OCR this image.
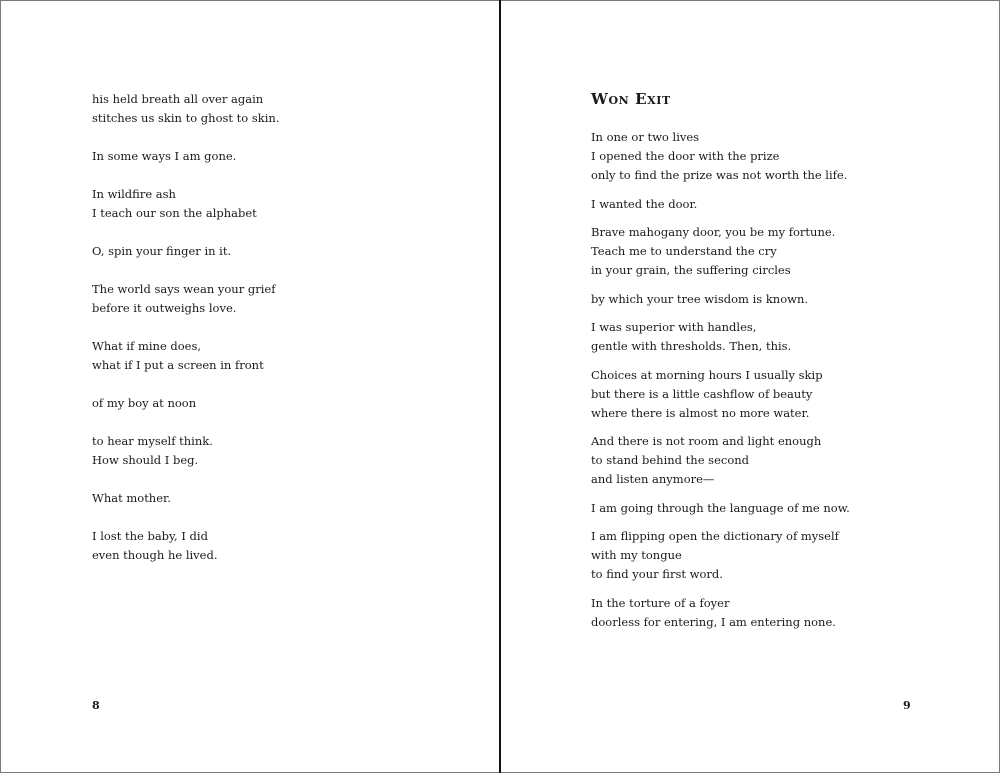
his held breath all over again
stitches us skin to ghost to skin.

In some ways I am gone.

In wildfire ash
I teach our son the alphabet

O, spin your finger in it.

The world says wean your grief
before it outweighs love.

What if mine does,
what if I put a screen in front

of my boy at noon

to hear myself think.
How should I beg.

What mother.

I lost the baby, I did
even though he lived.

8
Won Exit

In one or two lives
I opened the door with the prize
only to find the prize was not worth the life.

I wanted the door.

Brave mahogany door, you be my fortune.
Teach me to understand the cry
in your grain, the suffering circles

by which your tree wisdom is known.

I was superior with handles,
gentle with thresholds. Then, this.

Choices at morning hours I usually skip
but there is a little cashflow of beauty
where there is almost no more water.

And there is not room and light enough
to stand behind the second
and listen anymore—

I am going through the language of me now.

I am flipping open the dictionary of myself
with my tongue
to find your first word.

In the torture of a foyer
doorless for entering, I am entering none.

9
